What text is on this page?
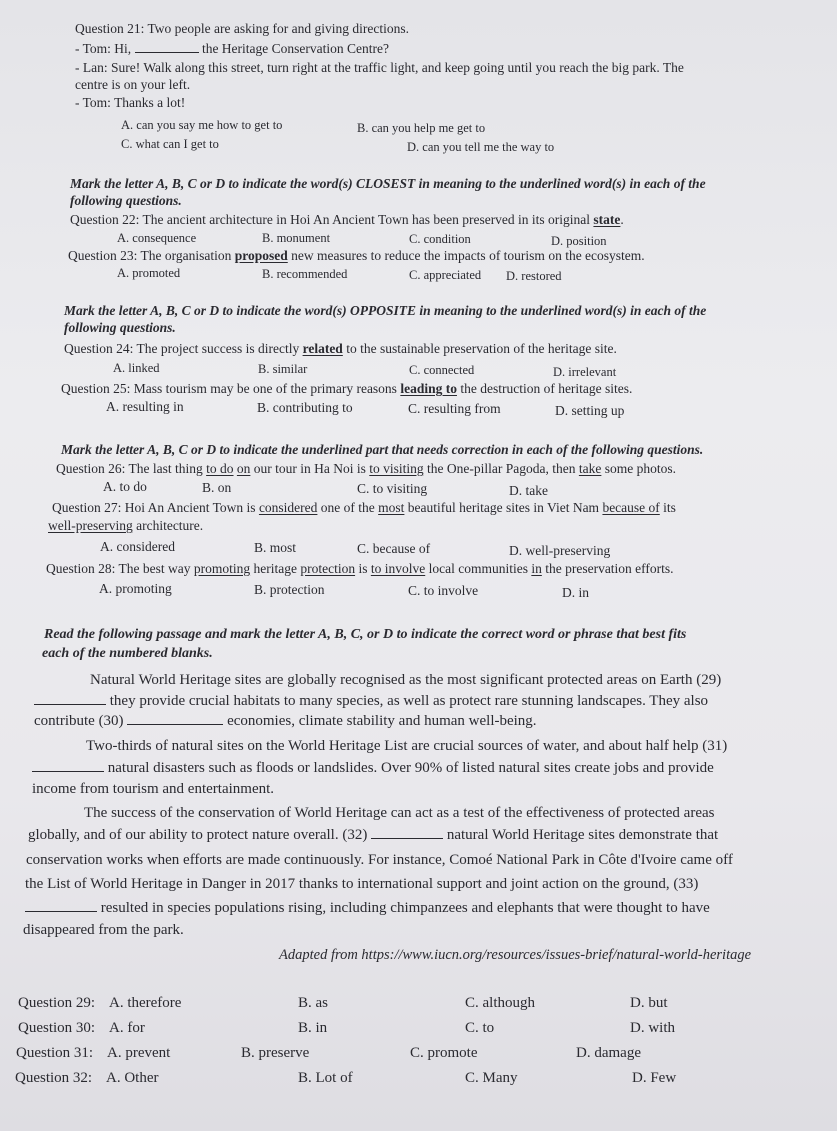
Question 21: Two people are asking for and giving directions.
- Tom: Hi,	the Heritage Conservation Centre?
- Lan: Sure! Walk along this street, turn right at the traffic light, and keep going until you reach the big park. The
centre is on your left.
- Tom: Thanks a lot!
A. can you say me how to get to	B. can you help me get to
C. what can I get to	D. can you tell me the way to
Mark the letter A, B, C or D to indicate the word(s) CLOSEST in meaning to the underlined word(s) in each of the
following questions.
Question 22: The ancient architecture in Hoi An Ancient Town has been preserved in its original state.
A. consequence	B. monument	C. condition	D. position
Question 23: The organisation proposed new measures to reduce the impacts of tourism on the ecosystem.
A. promoted	B. recommended	C. appreciated D. restored
Mark the letter A, B, C or D to indicate the word(s) OPPOSITE in meaning to the underlined word(s) in each of the
following questions.
Question 24: The project success is directly related to the sustainable preservation of the heritage site.
A. linked	B. similar	C. connected	D. irrelevant
Question 25: Mass tourism may be one of the primary reasons leading to the destruction of heritage sites.
A. resulting in	B. contributing to	C. resulting from	D. setting up
Mark the letter A, B, C or D to indicate the underlined part that needs correction in each of the following questions.
Question 26: The last thing to do on our tour in Ha Noi is to visiting the One-pillar Pagoda, then take some photos.
A. to do	B. on	C. to visiting	D. take
Question 27: Hoi An Ancient Town is considered one of the most beautiful heritage sites in Viet Nam because of its
well-preserving architecture.
A. considered	B. most	C. because of	D. well-preserving
Question 28: The best way promoting heritage protection is to involve local communities in the preservation efforts.
A. promoting	B. protection	C. to involve	D. in
Read the following passage and mark the letter A, B, C, or D to indicate the correct word or phrase that best fits
each of the numbered blanks.
Natural World Heritage sites are globally recognised as the most significant protected areas on Earth (29)
they provide crucial habitats to many species, as well as protect rare stunning landscapes. They also
contribute (30)	economies, climate stability and human well-being.
Two-thirds of natural sites on the World Heritage List are crucial sources of water, and about half help (31)
natural disasters such as floods or landslides. Over 90% of listed natural sites create jobs and provide
income from tourism and entertainment.
The success of the conservation of World Heritage can act as a test of the effectiveness of protected areas
globally, and of our ability to protect nature overall. (32)	natural World Heritage sites demonstrate that
conservation works when efforts are made continuously. For instance, Comoé National Park in Côte d'Ivoire came off
the List of World Heritage in Danger in 2017 thanks to international support and joint action on the ground, (33)
resulted in species populations rising, including chimpanzees and elephants that were thought to have
disappeared from the park.
Adapted from https://www.iucn.org/resources/issues-brief/natural-world-heritage
Question 29: A. therefore	B. as	C. although	D. but
Question 30: A. for	B. in	C. to	D. with
Question 31: A. prevent	B. preserve	C. promote	D. damage
Question 32: A. Other	B. Lot of	C. Many	D. Few
